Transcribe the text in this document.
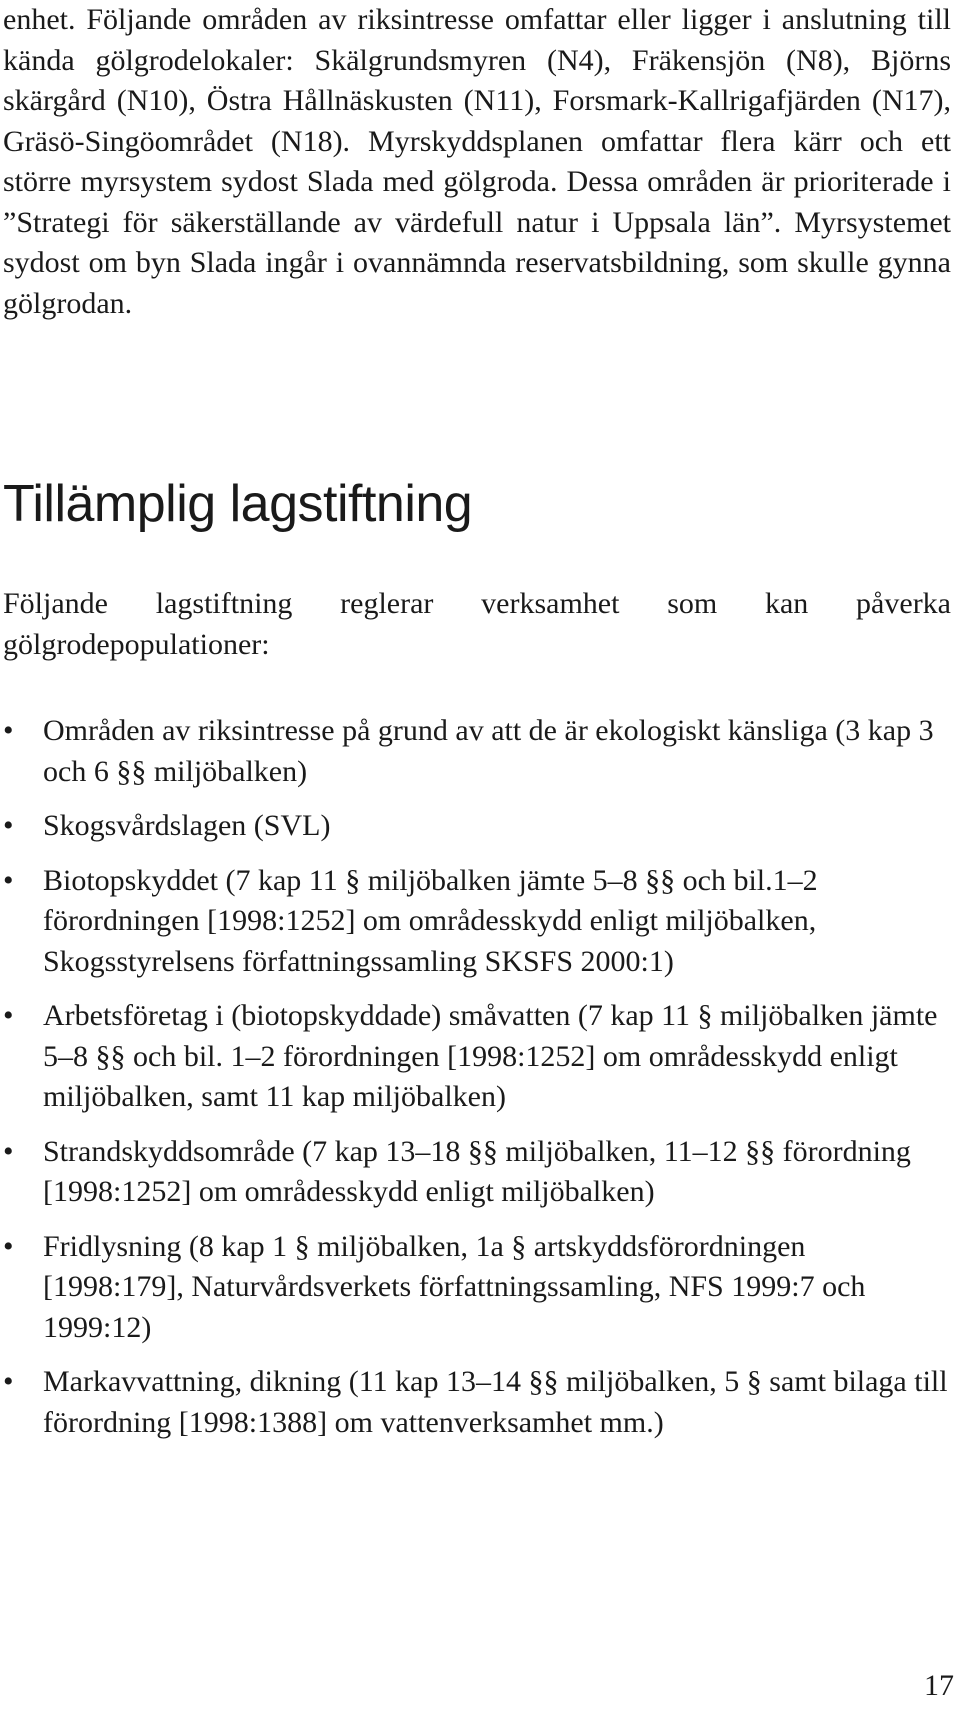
enhet. Följande områden av riksintresse omfattar eller ligger i anslutning till kända gölgrodelokaler: Skälgrundsmyren (N4), Fräkensjön (N8), Björns skärgård (N10), Östra Hållnäskusten (N11), Forsmark-Kallrigafjärden (N17), Gräsö-Singöområdet (N18). Myrskyddsplanen omfattar flera kärr och ett större myrsystem sydost Slada med gölgroda. Dessa områden är prioriterade i ”Strategi för säkerställande av värdefull natur i Uppsala län”. Myrsystemet sydost om byn Slada ingår i ovannämnda reservatsbildning, som skulle gynna gölgrodan.

Tillämplig lagstiftning

Följande lagstiftning reglerar verksamhet som kan påverka gölgrodepopulationer:

• Områden av riksintresse på grund av att de är ekologiskt känsliga (3 kap 3 och 6 §§ miljöbalken)
• Skogsvårdslagen (SVL)
• Biotopskyddet (7 kap 11 § miljöbalken jämte 5–8 §§ och bil.1–2 förordningen [1998:1252] om områdesskydd enligt miljöbalken, Skogsstyrelsens författningssamling SKSFS 2000:1)
• Arbetsföretag i (biotopskyddade) småvatten (7 kap 11 § miljöbalken jämte 5–8 §§ och bil. 1–2 förordningen [1998:1252] om områdesskydd enligt miljöbalken, samt 11 kap miljöbalken)
• Strandskyddsområde (7 kap 13–18 §§ miljöbalken, 11–12 §§ förordning [1998:1252] om områdesskydd enligt miljöbalken)
• Fridlysning (8 kap 1 § miljöbalken, 1a § artskyddsförordningen [1998:179], Naturvårdsverkets författningssamling, NFS 1999:7 och 1999:12)
• Markavvattning, dikning (11 kap 13–14 §§ miljöbalken, 5 § samt bilaga till förordning [1998:1388] om vattenverksamhet mm.)
17
